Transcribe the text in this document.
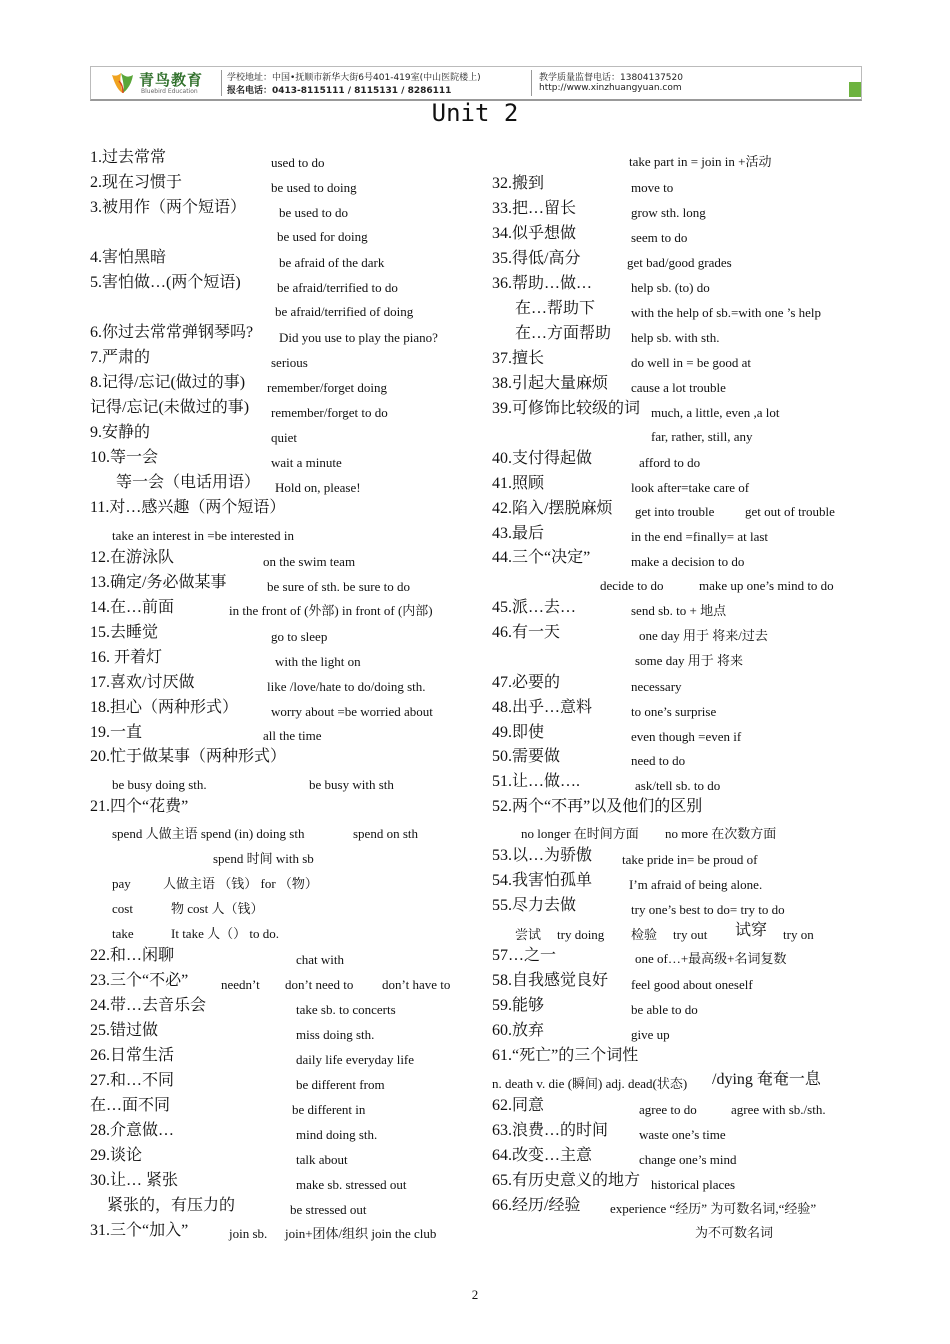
青鸟教育
Bluebird Education
学校地址：中国•抚顺市新华大街6号401-419室(中山医院楼上)
报名电话：0413-8115111 / 8115131 / 8286111
教学质量监督电话：13804137520
http://www.xinzhuangyuan.com
Unit 2
1.过去常常	used to do
2.现在习惯于	be used to doing
3.被用作（两个短语）	be used to do
be used for doing
4.害怕黑暗	be afraid of the dark
5.害怕做…(两个短语)	be afraid/terrified to do
be afraid/terrified of doing
6.你过去常常弹钢琴吗? Did you use to play the piano?
7.严肃的	serious
8.记得/忘记(做过的事) remember/forget doing
记得/忘记(未做过的事) remember/forget to do
9.安静的	quiet
10.等一会	wait a minute
等一会（电话用语） Hold on, please!
11.对…感兴趣（两个短语）
take an interest in =be interested in
12.在游泳队	on the swim team
13.确定/务必做某事	be sure of sth. be sure to do
14.在…前面	in the front of (外部) in front of (内部)
15.去睡觉	go to sleep
16. 开着灯	with the light on
17.喜欢/讨厌做	like /love/hate to do/doing sth.
18.担心（两种形式）	worry about =be worried about
19.一直	all the time
20.忙于做某事（两种形式）
be busy doing sth.	be busy with sth
21.四个“花费”
spend 人做主语 spend (in) doing sth	spend on sth
spend 时间 with sb
pay 人做主语 （钱） for （物）
cost	物 cost 人（钱）
take	It take 人（） to do.
22.和…闲聊	chat with
23.三个“不必”	needn’t don’t need to don’t have to
24.带…去音乐会	take sb. to concerts
25.错过做	miss doing sth.
26.日常生活	daily life everyday life
27.和…不同	be different from
在…面不同	be different in
28.介意做…	mind doing sth.
29.谈论	talk about
30.让… 紧张	make sb. stressed out
紧张的，有压力的	be stressed out
31.三个“加入”	join sb. join+团体/组织 join the club
take part in = join in +活动
32.搬到	move to
33.把…留长	grow sth. long
34.似乎想做	seem to do
35.得低/高分	get bad/good grades
36.帮助…做…	help sb. (to) do
在…帮助下	with the help of sb.=with one ’s help
在…方面帮助 help sb. with sth.
37.擅长	do well in = be good at
38.引起大量麻烦 cause a lot trouble
39.可修饰比较级的词 much, a little, even ,a lot
far, rather, still, any
40.支付得起做	afford to do
41.照顾	look after=take care of
42.陷入/摆脱麻烦 get into trouble get out of trouble
43.最后	in the end =finally= at last
44.三个“决定”	make a decision to do
decide to do	make up one’s mind to do
45.派…去…	send sb. to + 地点
46.有一天	one day 用于 将来/过去
some day 用于 将来
47.必要的	necessary
48.出乎…意料	to one’s surprise
49.即使	even though =even if
50.需要做	need to do
51.让…做….	ask/tell sb. to do
52.两个“不再”以及他们的区别
no longer 在时间方面 no more 在次数方面
53.以…为骄傲 take pride in= be proud of
54.我害怕孤单	I’m afraid of being alone.
55.尽力去做	try one’s best to do= try to do
尝试 try doing 检验 try out 试穿 try on
57…之一	one of…+最高级+名词复数
58.自我感觉良好 feel good about oneself
59.能够	be able to do
60.放弃	give up
61.“死亡”的三个词性
n. death v. die (瞬间) adj. dead(状态) /dying 奄奄一息
62.同意	agree to do	agree with sb./sth.
63.浪费…的时间 waste one’s time
64.改变…主意	change one’s mind
65.有历史意义的地方 historical places
66.经历/经验 experience “经历” 为可数名词,“经验”
为不可数名词
2
